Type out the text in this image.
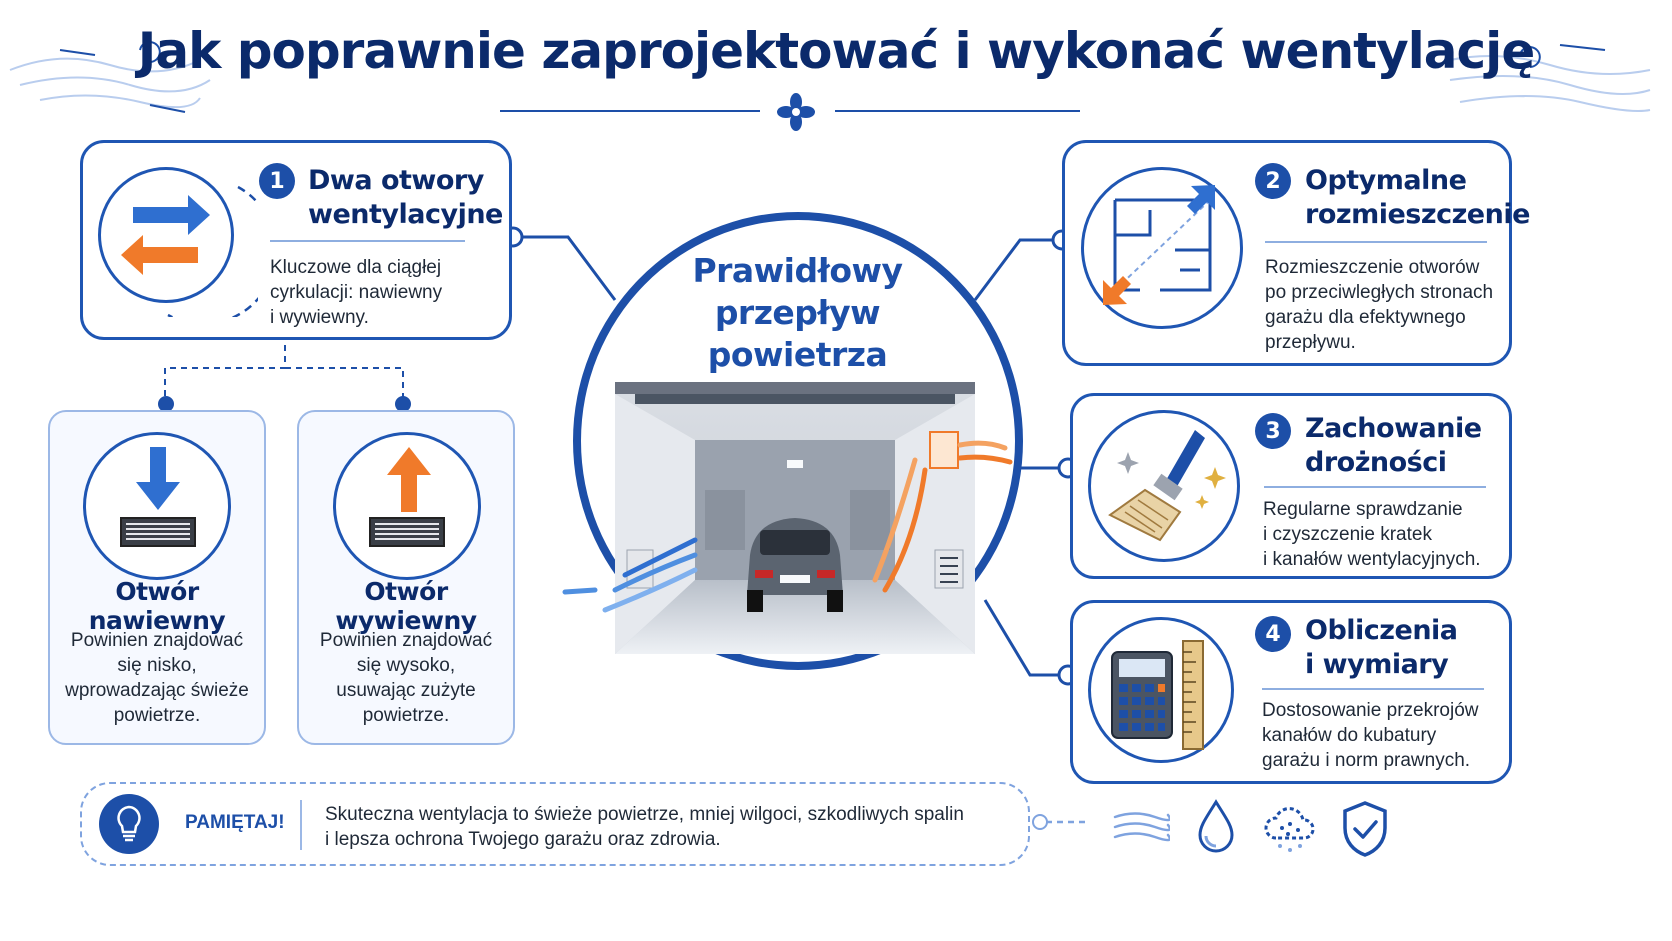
Jak poprawnie zaprojektować i wykonać wentylację
1 Dwa otwory
wentylacyjne
Kluczowe dla ciągłej
cyrkulacji: nawiewny
i wywiewny.
Otwór nawiewny
Powinien znajdować
się nisko,
wprowadzając świeże
powietrze.
Otwór wywiewny
Powinien znajdować
się wysoko,
usuwając zużyte
powietrze.
Prawidłowy
przepływ powietrza
2 Optymalne
rozmieszczenie
Rozmieszczenie otworów
po przeciwległych stronach
garażu dla efektywnego
przepływu.
3 Zachowanie
drożności
Regularne sprawdzanie
i czyszczenie kratek
i kanałów wentylacyjnych.
4 Obliczenia
i wymiary
Dostosowanie przekrojów
kanałów do kubatury
garażu i norm prawnych.
PAMIĘTAJ! Skuteczna wentylacja to świeże powietrze, mniej wilgoci, szkodliwych spalin
i lepsza ochrona Twojego garażu oraz zdrowia.
